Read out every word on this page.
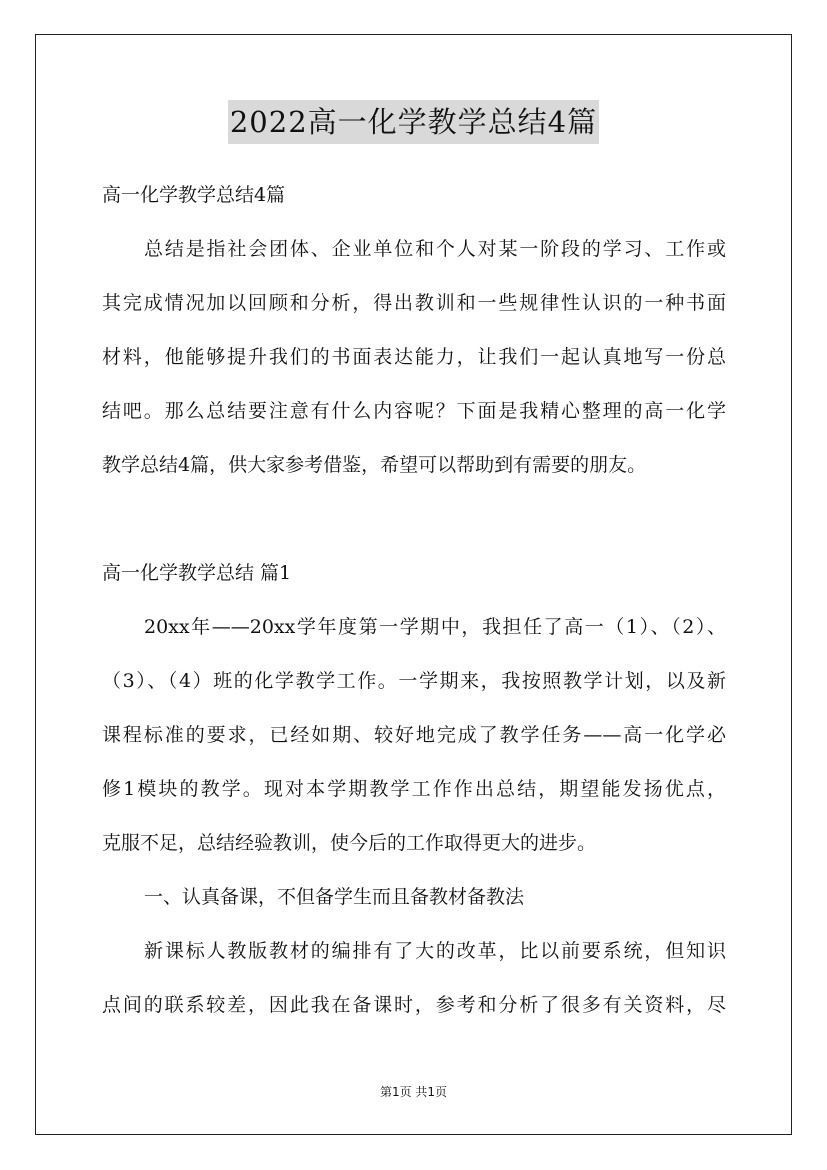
2022高一化学教学总结4篇
高一化学教学总结4篇
总结是指社会团体、企业单位和个人对某一阶段的学习、工作或
其完成情况加以回顾和分析，得出教训和一些规律性认识的一种书面
材料，他能够提升我们的书面表达能力，让我们一起认真地写一份总
结吧。那么总结要注意有什么内容呢？下面是我精心整理的高一化学
教学总结4篇，供大家参考借鉴，希望可以帮助到有需要的朋友。
高一化学教学总结 篇1
20xx年——20xx学年度第一学期中，我担任了高一（1）、（2）、
（3）、（4）班的化学教学工作。一学期来，我按照教学计划，以及新
课程标准的要求，已经如期、较好地完成了教学任务——高一化学必
修1模块的教学。现对本学期教学工作作出总结，期望能发扬优点，
克服不足，总结经验教训，使今后的工作取得更大的进步。
一、认真备课，不但备学生而且备教材备教法
新课标人教版教材的编排有了大的改革，比以前要系统，但知识
点间的联系较差，因此我在备课时，参考和分析了很多有关资料，尽
第1页 共1页
